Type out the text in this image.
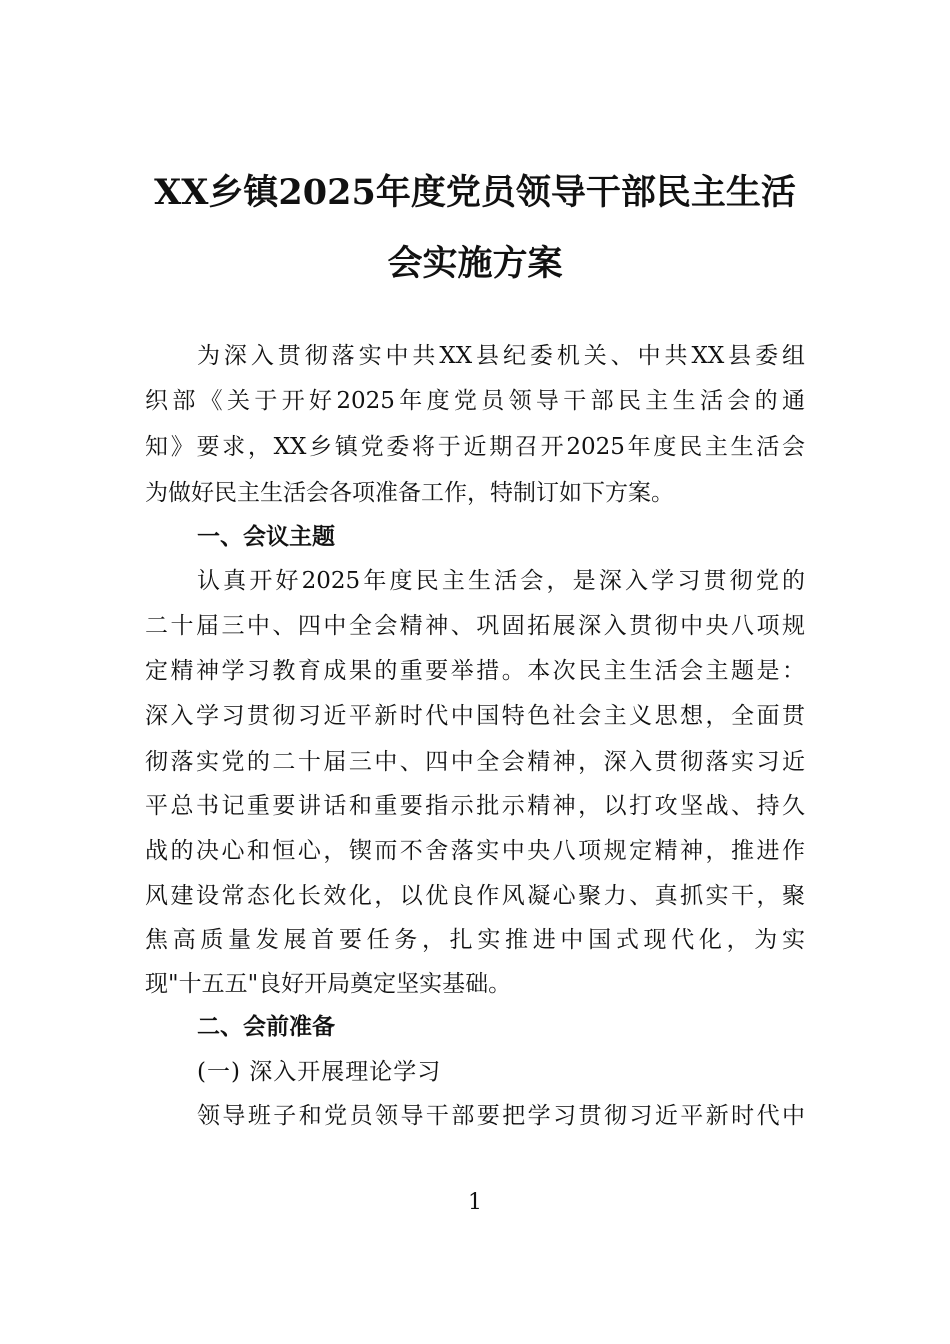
XX乡镇2025年度党员领导干部民主生活
会实施方案
为深入贯彻落实中共XX县纪委机关、中共XX县委组
织部《关于开好2025年度党员领导干部民主生活会的通
知》要求，XX乡镇党委将于近期召开2025年度民主生活会
为做好民主生活会各项准备工作，特制订如下方案。
一、会议主题
认真开好2025年度民主生活会，是深入学习贯彻党的
二十届三中、四中全会精神、巩固拓展深入贯彻中央八项规
定精神学习教育成果的重要举措。本次民主生活会主题是：
深入学习贯彻习近平新时代中国特色社会主义思想，全面贯
彻落实党的二十届三中、四中全会精神，深入贯彻落实习近
平总书记重要讲话和重要指示批示精神，以打攻坚战、持久
战的决心和恒心，锲而不舍落实中央八项规定精神，推进作
风建设常态化长效化，以优良作风凝心聚力、真抓实干，聚
焦高质量发展首要任务，扎实推进中国式现代化，为实
现"十五五"良好开局奠定坚实基础。
二、会前准备
(一) 深入开展理论学习
领导班子和党员领导干部要把学习贯彻习近平新时代中
1
